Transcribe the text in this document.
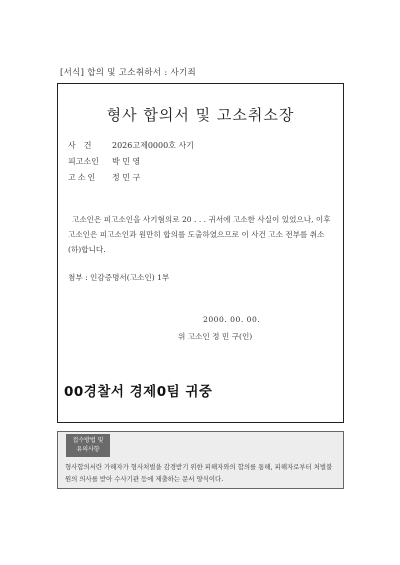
[서식] 합의 및 고소취하서 : 사기죄
형사 합의서 및 고소취소장
사건 2026고제0000호 사기
피고소인 박 민 영
고소인 정 민 구
고소인은 피고소인을 사기혐의로 20 . . . 귀서에 고소한 사실이 있었으나, 이후 고소인은 피고소인과 원만히 합의를 도출하였으므로 이 사건 고소 전부를 취소(하)합니다.
첨부 : 인감증명서(고소인) 1부
2000. 00. 00.
위 고소인 정 민 구(인)
00경찰서 경제0팀 귀중
접수방법 및
유의사항
형사합의서란 가해자가 형사처벌을 감경받기 위한 피해자와의 합의를 통해, 피해자로부터 처벌불원의 의사를 받아 수사기관 등에 제출하는 문서 양식이다.
